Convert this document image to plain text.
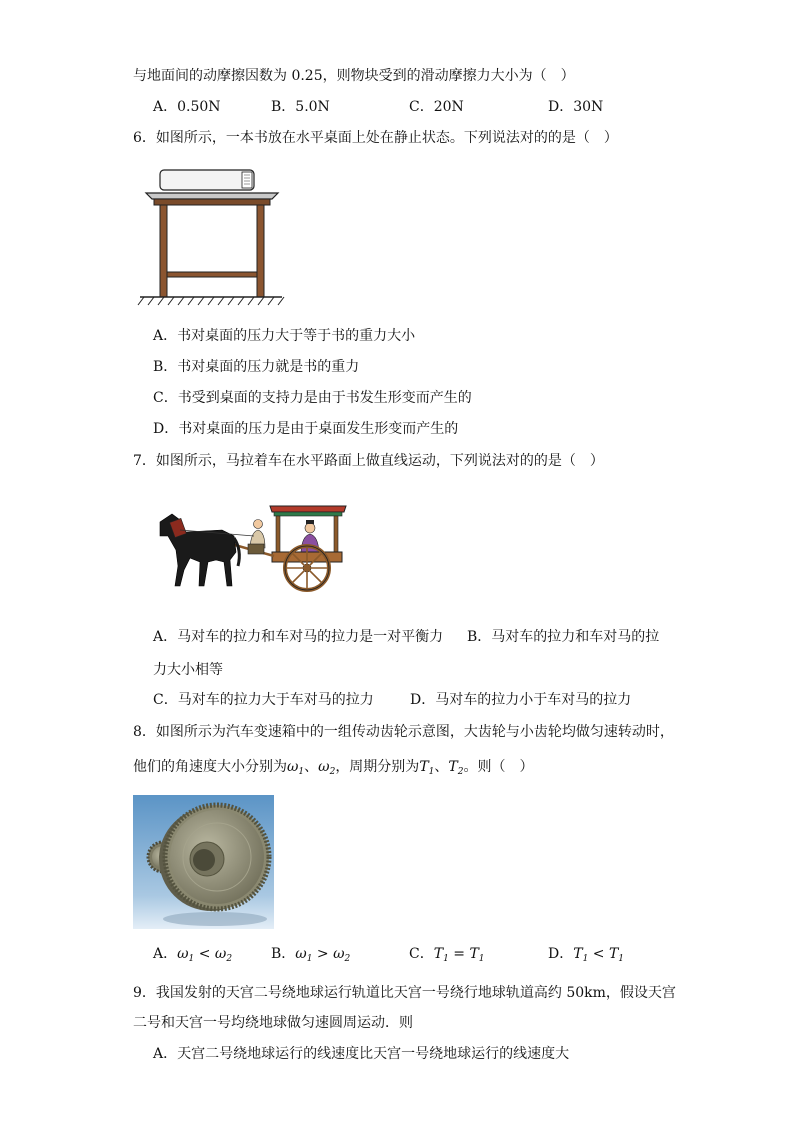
与地面间的动摩擦因数为 0.25，则物块受到的滑动摩擦力大小为（　）
A．0.50N	B．5.0N	C．20N	D．30N
6．如图所示，一本书放在水平桌面上处在静止状态。下列说法对的的是（　）
A．书对桌面的压力大于等于书的重力大小
B．书对桌面的压力就是书的重力
C．书受到桌面的支持力是由于书发生形变而产生的
D．书对桌面的压力是由于桌面发生形变而产生的
7．如图所示，马拉着车在水平路面上做直线运动，下列说法对的的是（　）
A．马对车的拉力和车对马的拉力是一对平衡力 B．马对车的拉力和车对马的拉
力大小相等
C．马对车的拉力大于车对马的拉力	D．马对车的拉力小于车对马的拉力
8．如图所示为汽车变速箱中的一组传动齿轮示意图，大齿轮与小齿轮均做匀速转动时，
他们的角速度大小分别为$\omega_1$、$\omega_2$，周期分别为$T_1$、$T_2$。则（　）
A．$\omega_1 < \omega_2$	B．$\omega_1 > \omega_2$	C．$T_1 = T_1$	D．$T_1 < T_1$
9．我国发射的天宫二号绕地球运行轨道比天宫一号绕行地球轨道高约 50km，假设天宫
二号和天宫一号均绕地球做匀速圆周运动．则
A．天宫二号绕地球运行的线速度比天宫一号绕地球运行的线速度大
